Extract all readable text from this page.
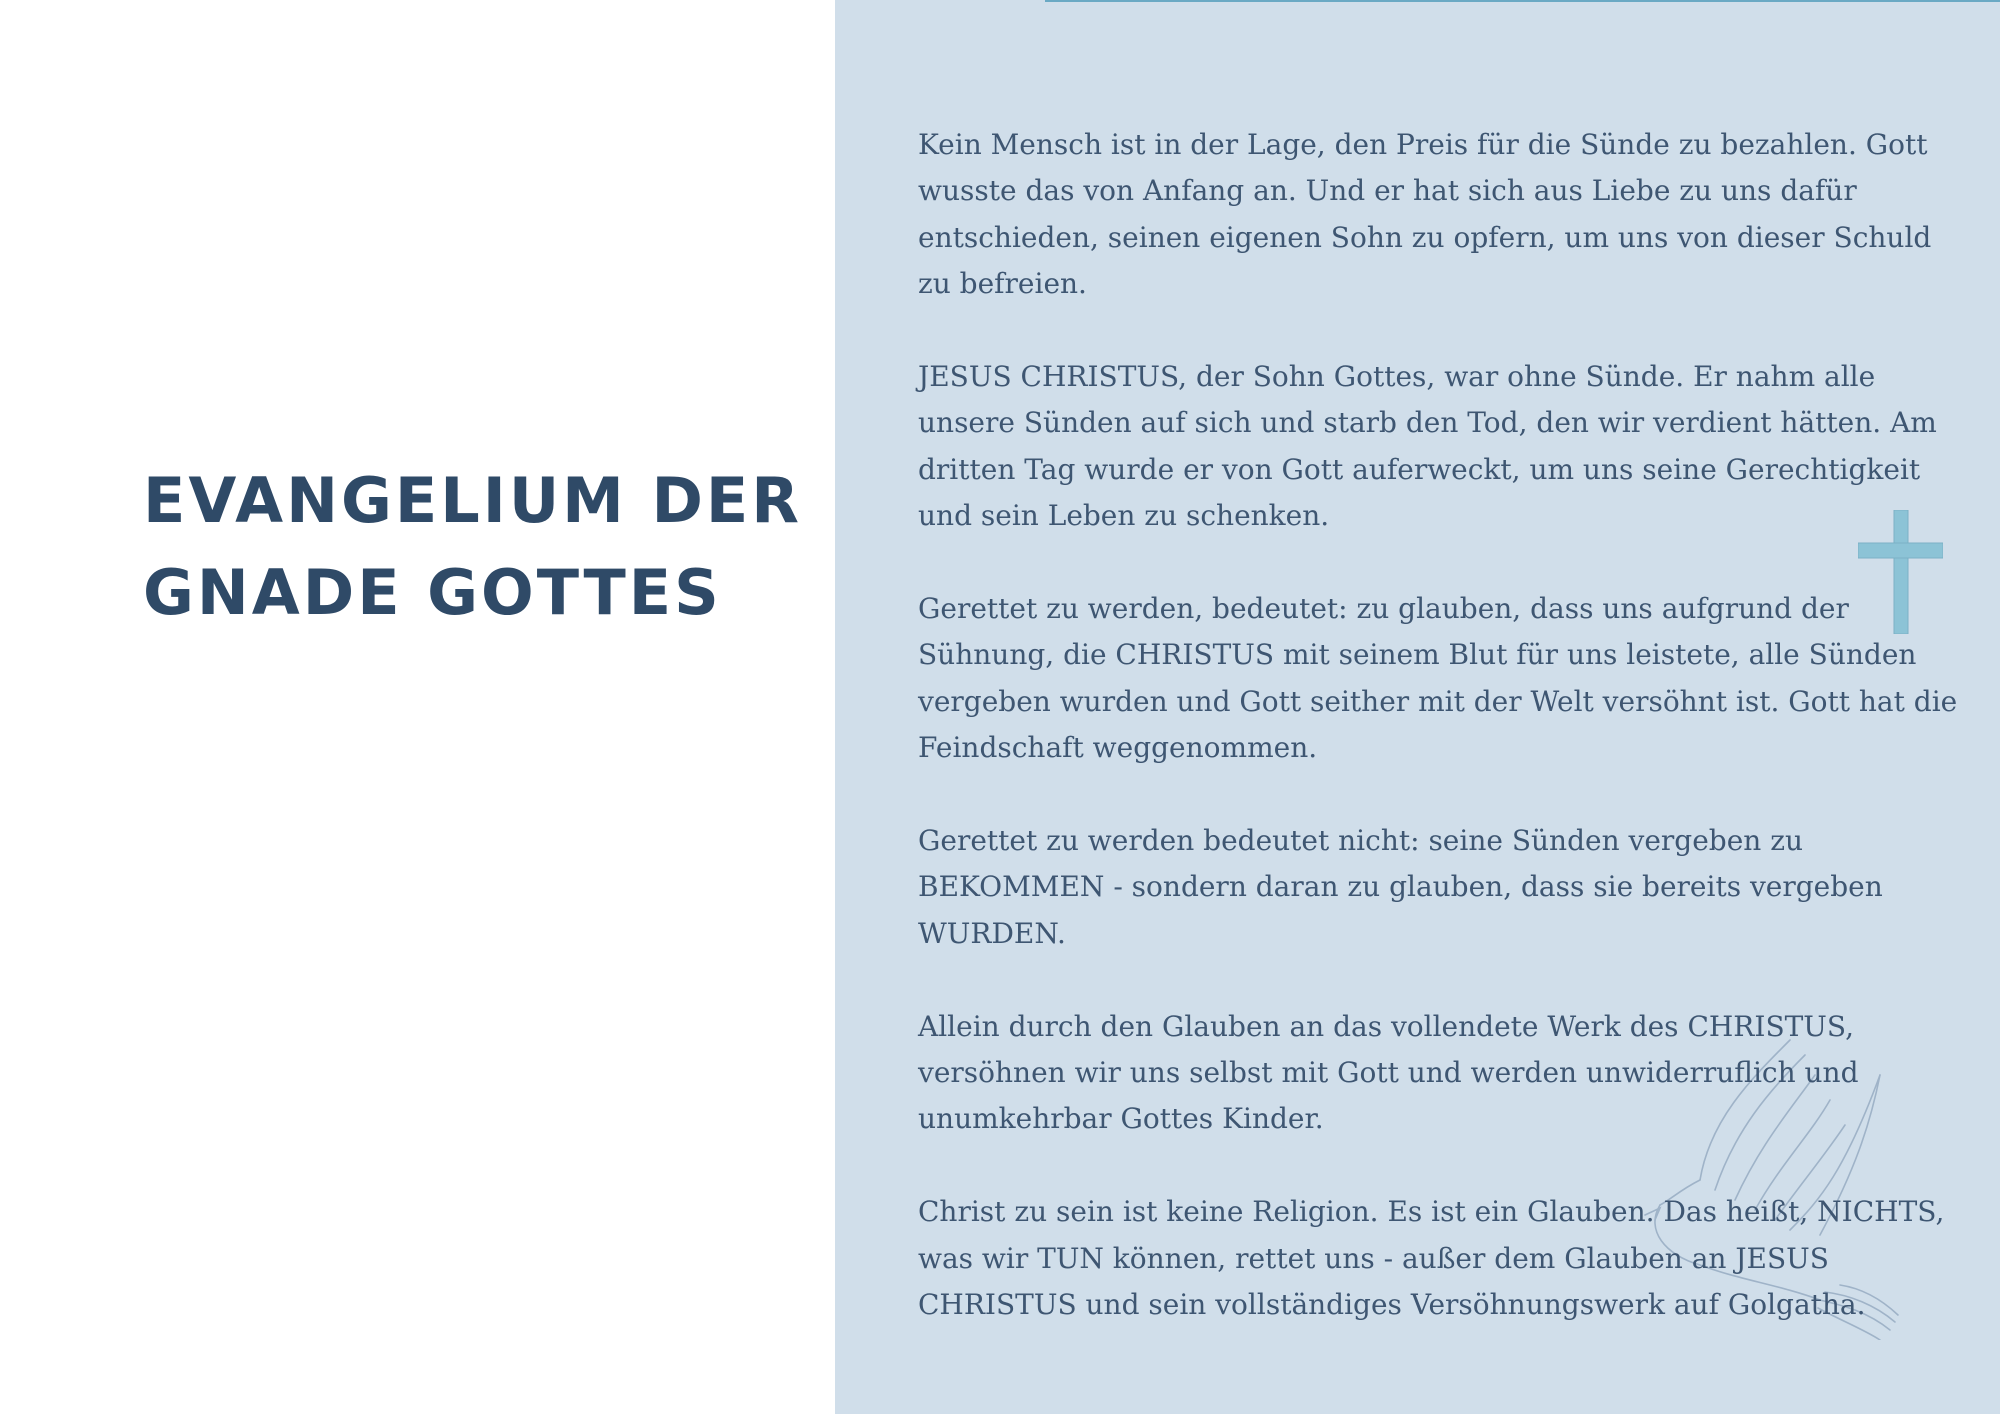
EVANGELIUM DER
GNADE GOTTES

Kein Mensch ist in der Lage, den Preis für die Sünde zu bezahlen. Gott wusste das von Anfang an. Und er hat sich aus Liebe zu uns dafür entschieden, seinen eigenen Sohn zu opfern, um uns von dieser Schuld zu befreien.

JESUS CHRISTUS, der Sohn Gottes, war ohne Sünde. Er nahm alle unsere Sünden auf sich und starb den Tod, den wir verdient hätten. Am dritten Tag wurde er von Gott auferweckt, um uns seine Gerechtigkeit und sein Leben zu schenken.

Gerettet zu werden, bedeutet: zu glauben, dass uns aufgrund der Sühnung, die CHRISTUS mit seinem Blut für uns leistete, alle Sünden vergeben wurden und Gott seither mit der Welt versöhnt ist. Gott hat die Feindschaft weggenommen.

Gerettet zu werden bedeutet nicht: seine Sünden vergeben zu BEKOMMEN - sondern daran zu glauben, dass sie bereits vergeben WURDEN.

Allein durch den Glauben an das vollendete Werk des CHRISTUS, versöhnen wir uns selbst mit Gott und werden unwiderruflich und unumkehrbar Gottes Kinder.

Christ zu sein ist keine Religion. Es ist ein Glauben. Das heißt, NICHTS, was wir TUN können, rettet uns - außer dem Glauben an JESUS CHRISTUS und sein vollständiges Versöhnungswerk auf Golgatha.
